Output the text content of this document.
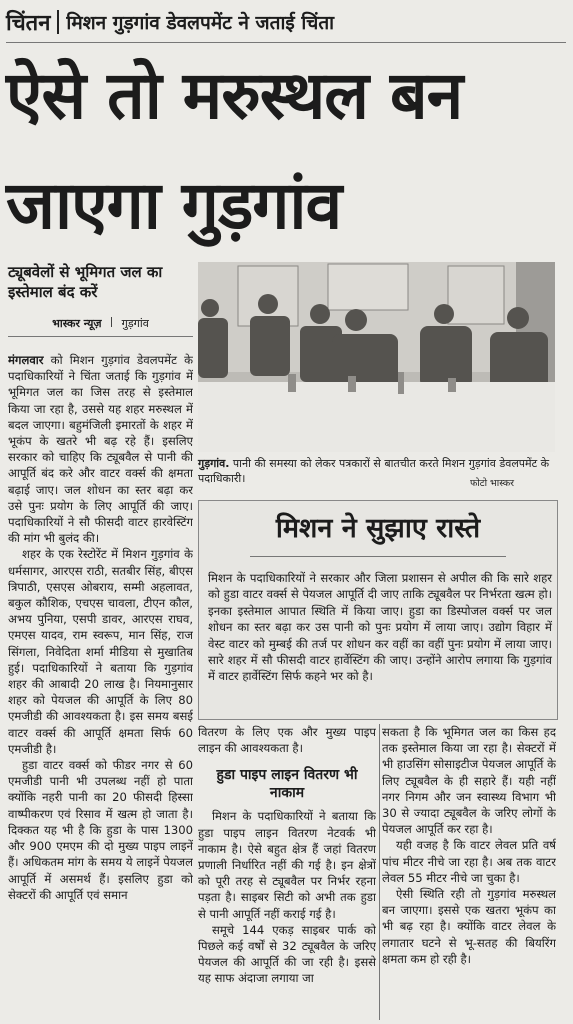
चिंतन मिशन गुड़गांव डेवलपमेंट ने जताई चिंता
ऐसे तो मरुस्थल बन
जाएगा गुड़गांव
ट्यूबवेलों से भूमिगत जल का इस्तेमाल बंद करें
भास्कर न्यूज़ गुड़गांव

मंगलवार को मिशन गुड़गांव डेवलपमेंट के पदाधिकारियों ने चिंता जताई कि गुड़गांव में भूमिगत जल का जिस तरह से इस्तेमाल किया जा रहा है, उससे यह शहर मरुस्थल में बदल जाएगा। बहुमंजिली इमारतों के शहर में भूकंप के खतरे भी बढ़ रहे हैं। इसलिए सरकार को चाहिए कि ट्यूबवैल से पानी की आपूर्ति बंद करे और वाटर वर्क्स की क्षमता बढ़ाई जाए। जल शोधन का स्तर बढ़ा कर उसे पुनः प्रयोग के लिए आपूर्ति की जाए। पदाधिकारियों ने सौ फीसदी वाटर हारवेस्टिंग की मांग भी बुलंद की।

शहर के एक रेस्टोरेंट में मिशन गुड़गांव के धर्मसागर, आरएस राठी, सतबीर सिंह, बीएस त्रिपाठी, एसएस ओबराय, सम्मी अहलावत, बकुल कौशिक, एचएस चावला, टीएन कौल, अभय पुनिया, एसपी डावर, आरएस राघव, एमएस यादव, राम स्वरूप, मान सिंह, राज सिंगला, निवेदिता शर्मा मीडिया से मुखातिब हुई। पदाधिकारियों ने बताया कि गुड़गांव शहर की आबादी 20 लाख है। नियमानुसार शहर को पेयजल की आपूर्ति के लिए 80 एमजीडी की आवश्यकता है। इस समय बसई वाटर वर्क्स की आपूर्ति क्षमता सिर्फ 60 एमजीडी है।

हुडा वाटर वर्क्स को फीडर नगर से 60 एमजीडी पानी भी उपलब्ध नहीं हो पाता क्योंकि नहरी पानी का 20 फीसदी हिस्सा वाष्पीकरण एवं रिसाव में खत्म हो जाता है। दिक्कत यह भी है कि हुडा के पास 1300 और 900 एमएम की दो मुख्य पाइप लाइनें हैं। अधिकतम मांग के समय ये लाइनें पेयजल आपूर्ति में असमर्थ हैं। इसलिए हुडा को सेक्टरों की आपूर्ति एवं समान

गुड़गांव. पानी की समस्या को लेकर पत्रकारों से बातचीत करते मिशन गुड़गांव डेवलपमेंट के पदाधिकारी।	फोटो भास्कर
मिशन ने सुझाए रास्ते
मिशन के पदाधिकारियों ने सरकार और जिला प्रशासन से अपील की कि सारे शहर को हुडा वाटर वर्क्स से पेयजल आपूर्ति दी जाए ताकि ट्यूबवैल पर निर्भरता खत्म हो। इनका इस्तेमाल आपात स्थिति में किया जाए। हुडा का डिस्पोजल वर्क्स पर जल शोधन का स्तर बढ़ा कर उस पानी को पुनः प्रयोग में लाया जाए। उद्योग विहार में वेस्ट वाटर को मुम्बई की तर्ज पर शोधन कर वहीं का वहीं पुनः प्रयोग में लाया जाए। सारे शहर में सौ फीसदी वाटर हार्वेस्टिंग की जाए। उन्होंने आरोप लगाया कि गुड़गांव में वाटर हार्वेस्टिंग सिर्फ कहने भर को है।

वितरण के लिए एक और मुख्य पाइप लाइन की आवश्यकता है।

हुडा पाइप लाइन वितरण भी नाकाम

मिशन के पदाधिकारियों ने बताया कि हुडा पाइप लाइन वितरण नेटवर्क भी नाकाम है। ऐसे बहुत क्षेत्र हैं जहां वितरण प्रणाली निर्धारित नहीं की गई है। इन क्षेत्रों को पूरी तरह से ट्यूबवैल पर निर्भर रहना पड़ता है। साइबर सिटी को अभी तक हुडा से पानी आपूर्ति नहीं कराई गई है।

समूचे 144 एकड़ साइबर पार्क को पिछले कई वर्षों से 32 ट्यूबवैल के जरिए पेयजल की आपूर्ति की जा रही है। इससे यह साफ अंदाजा लगाया जा

सकता है कि भूमिगत जल का किस हद तक इस्तेमाल किया जा रहा है। सेक्टरों में भी हाउसिंग सोसाइटीज पेयजल आपूर्ति के लिए ट्यूबवैल के ही सहारे हैं। यही नहीं नगर निगम और जन स्वास्थ्य विभाग भी 30 से ज्यादा ट्यूबवैल के जरिए लोगों के पेयजल आपूर्ति कर रहा है।

यही वजह है कि वाटर लेवल प्रति वर्ष पांच मीटर नीचे जा रहा है। अब तक वाटर लेवल 55 मीटर नीचे जा चुका है।

ऐसी स्थिति रही तो गुड़गांव मरुस्थल बन जाएगा। इससे एक खतरा भूकंप का भी बढ़ रहा है। क्योंकि वाटर लेवल के लगातार घटने से भू-सतह की बियरिंग क्षमता कम हो रही है।
